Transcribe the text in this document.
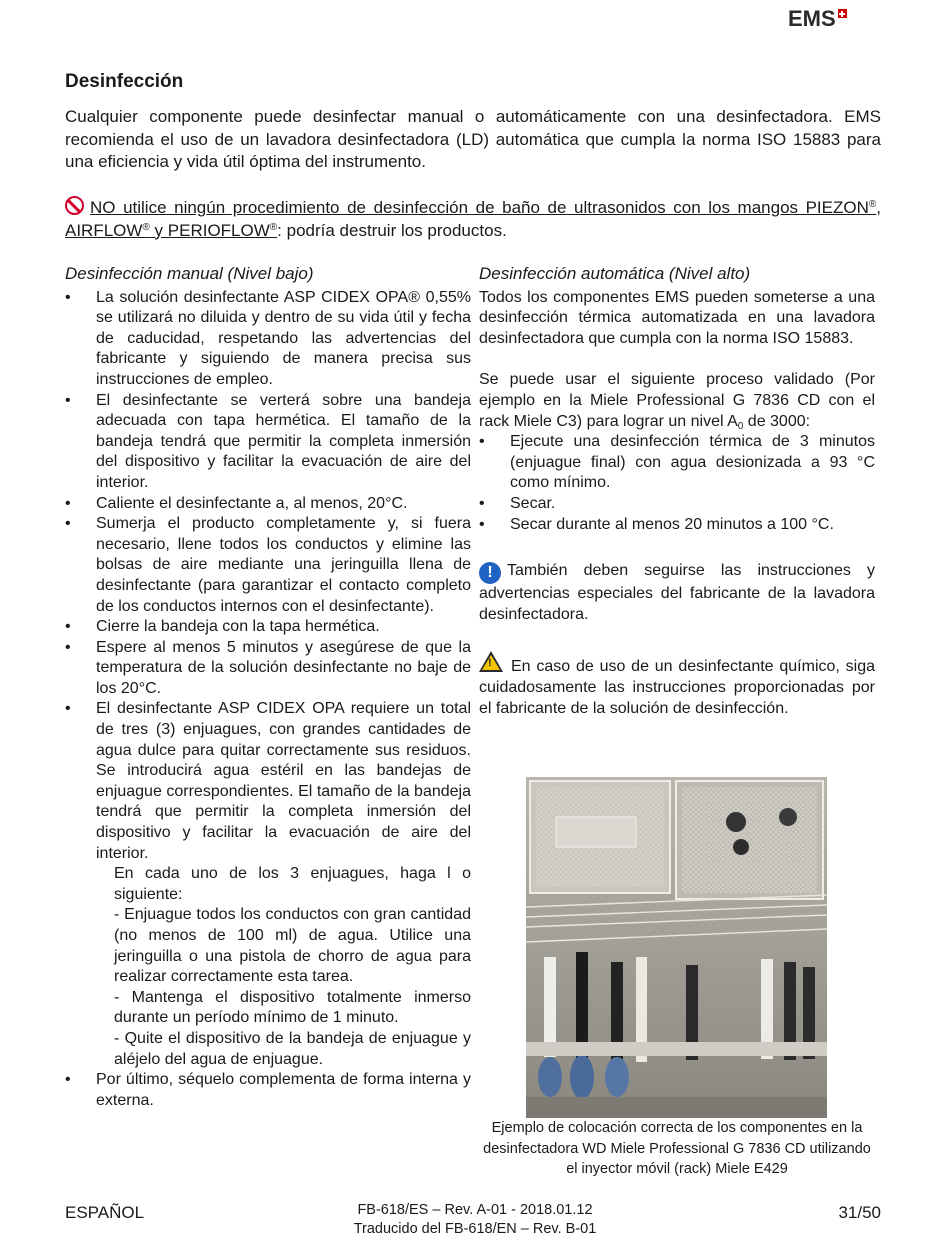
EMS
Desinfección

Cualquier componente puede desinfectar manual o automáticamente con una desinfectadora. EMS recomienda el uso de un lavadora desinfectadora (LD) automática que cumpla la norma ISO 15883 para una eficiencia y vida útil óptima del instrumento.

NO utilice ningún procedimiento de desinfección de baño de ultrasonidos con los mangos PIEZON®, AIRFLOW® y PERIOFLOW®: podría destruir los productos.

Desinfección manual (Nivel bajo)
• La solución desinfectante ASP CIDEX OPA® 0,55% se utilizará no diluida y dentro de su vida útil y fecha de caducidad, respetando las advertencias del fabricante y siguiendo de manera precisa sus instrucciones de empleo.
• El desinfectante se verterá sobre una bandeja adecuada con tapa hermética. El tamaño de la bandeja tendrá que permitir la completa inmersión del dispositivo y facilitar la evacuación de aire del interior.
• Caliente el desinfectante a, al menos, 20°C.
• Sumerja el producto completamente y, si fuera necesario, llene todos los conductos y elimine las bolsas de aire mediante una jeringuilla llena de desinfectante (para garantizar el contacto completo de los conductos internos con el desinfectante).
• Cierre la bandeja con la tapa hermética.
• Espere al menos 5 minutos y asegúrese de que la temperatura de la solución desinfectante no baje de los 20°C.
• El desinfectante ASP CIDEX OPA requiere un total de tres (3) enjuagues, con grandes cantidades de agua dulce para quitar correctamente sus residuos. Se introducirá agua estéril en las bandejas de enjuague correspondientes. El tamaño de la bandeja tendrá que permitir la completa inmersión del dispositivo y facilitar la evacuación de aire del interior.
En cada uno de los 3 enjuagues, haga l o siguiente:
- Enjuague todos los conductos con gran cantidad (no menos de 100 ml) de agua. Utilice una jeringuilla o una pistola de chorro de agua para realizar correctamente esta tarea.
- Mantenga el dispositivo totalmente inmerso durante un período mínimo de 1 minuto.
- Quite el dispositivo de la bandeja de enjuague y aléjelo del agua de enjuague.
• Por último, séquelo complementa de forma interna y externa.
Desinfección automática (Nivel alto)

Todos los componentes EMS pueden someterse a una desinfección térmica automatizada en una lavadora desinfectadora que cumpla con la norma ISO 15883.

Se puede usar el siguiente proceso validado (Por ejemplo en la Miele Professional G 7836 CD con el rack Miele C3) para lograr un nivel $A_0$ de 3000:

• Ejecute una desinfección térmica de 3 minutos (enjuague final) con agua desionizada a 93 °C como mínimo.
• Secar.
• Secar durante al menos 20 minutos a 100 °C.

! También deben seguirse las instrucciones y advertencias especiales del fabricante de la lavadora desinfectadora.

!En caso de uso de un desinfectante químico, siga cuidadosamente las instrucciones proporcionadas por el fabricante de la solución de desinfección.

Ejemplo de colocación correcta de los componentes en la desinfectadora WD Miele Professional G 7836 CD utilizando el inyector móvil (rack) Miele E429
ESPAÑOL	FB-618/ES – Rev. A-01 - 2018.01.12
Traducido del FB-618/EN – Rev. B-01
31/50
